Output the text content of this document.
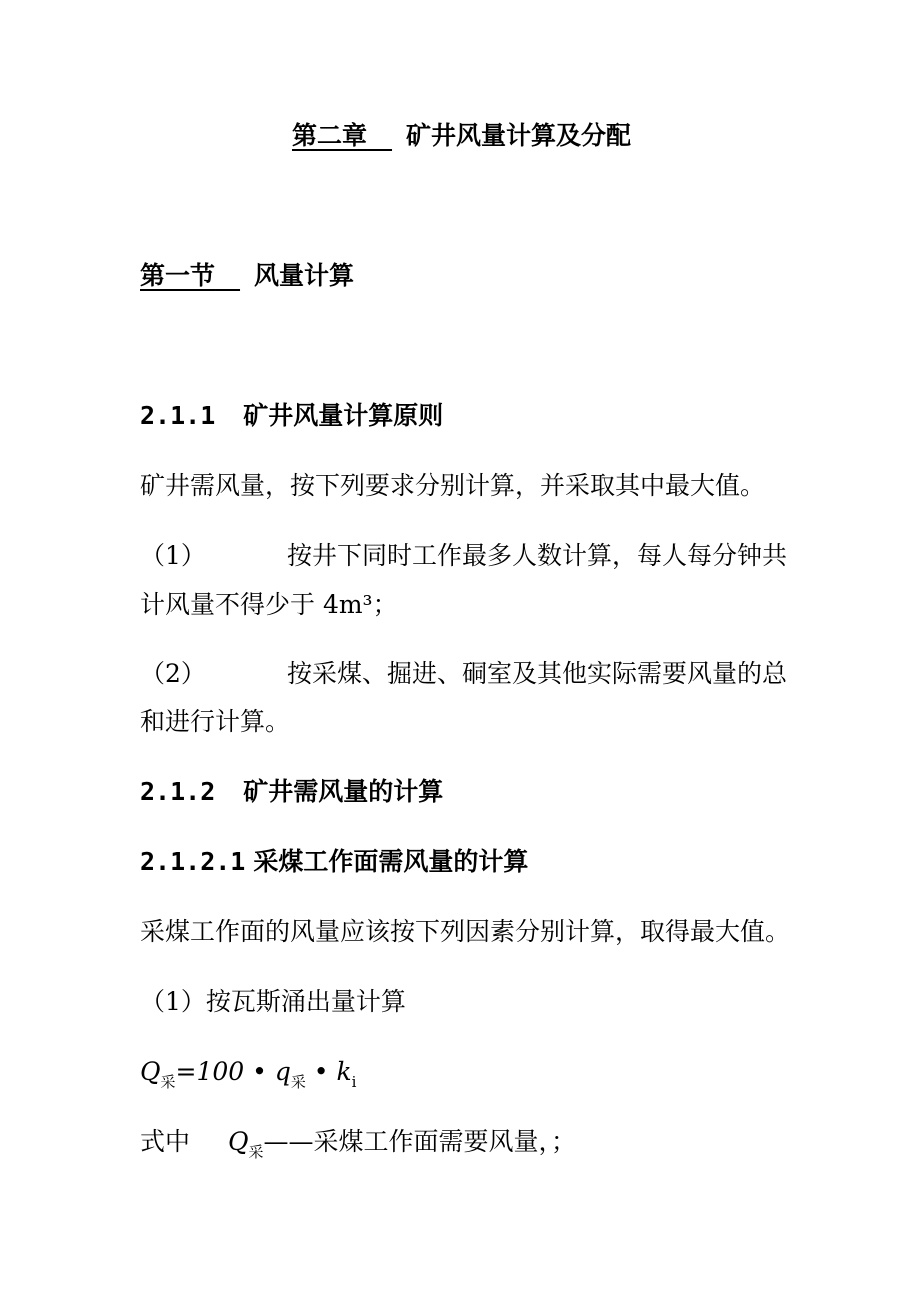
第二章　 矿井风量计算及分配
第一节　 风量计算
2.1.1 矿井风量计算原则
矿井需风量，按下列要求分别计算，并采取其中最大值。
（1）	按井下同时工作最多人数计算，每人每分钟共
计风量不得少于 4m³；
（2）	按采煤、掘进、硐室及其他实际需要风量的总
和进行计算。
2.1.2 矿井需风量的计算
2.1.2.1 采煤工作面需风量的计算
采煤工作面的风量应该按下列因素分别计算，取得最大值。
（1）按瓦斯涌出量计算
$Q_采=100$ • $q_采$ • $k_i$
式中 $Q_采——$采煤工作面需要风量，；
